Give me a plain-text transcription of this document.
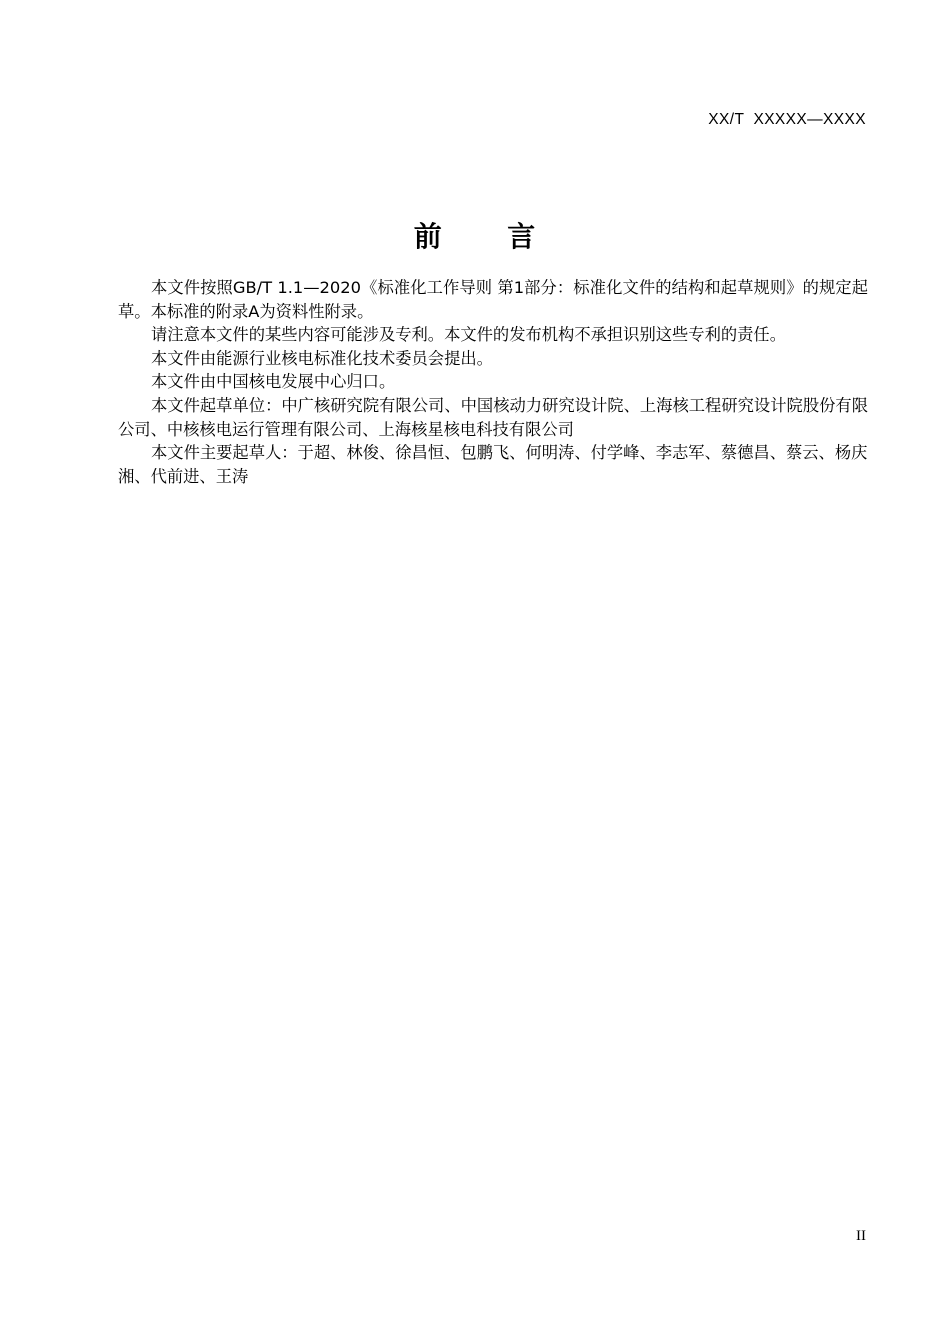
XX/T  XXXXX—XXXX
前      言

本文件按照GB/T 1.1—2020《标准化工作导则 第1部分：标准化文件的结构和起草规则》的规定起草。本标准的附录A为资料性附录。

请注意本文件的某些内容可能涉及专利。本文件的发布机构不承担识别这些专利的责任。

本文件由能源行业核电标准化技术委员会提出。

本文件由中国核电发展中心归口。

本文件起草单位：中广核研究院有限公司、中国核动力研究设计院、上海核工程研究设计院股份有限公司、中核核电运行管理有限公司、上海核星核电科技有限公司

本文件主要起草人：于超、林俊、徐昌恒、包鹏飞、何明涛、付学峰、李志军、蔡德昌、蔡云、杨庆湘、代前进、王涛

II
